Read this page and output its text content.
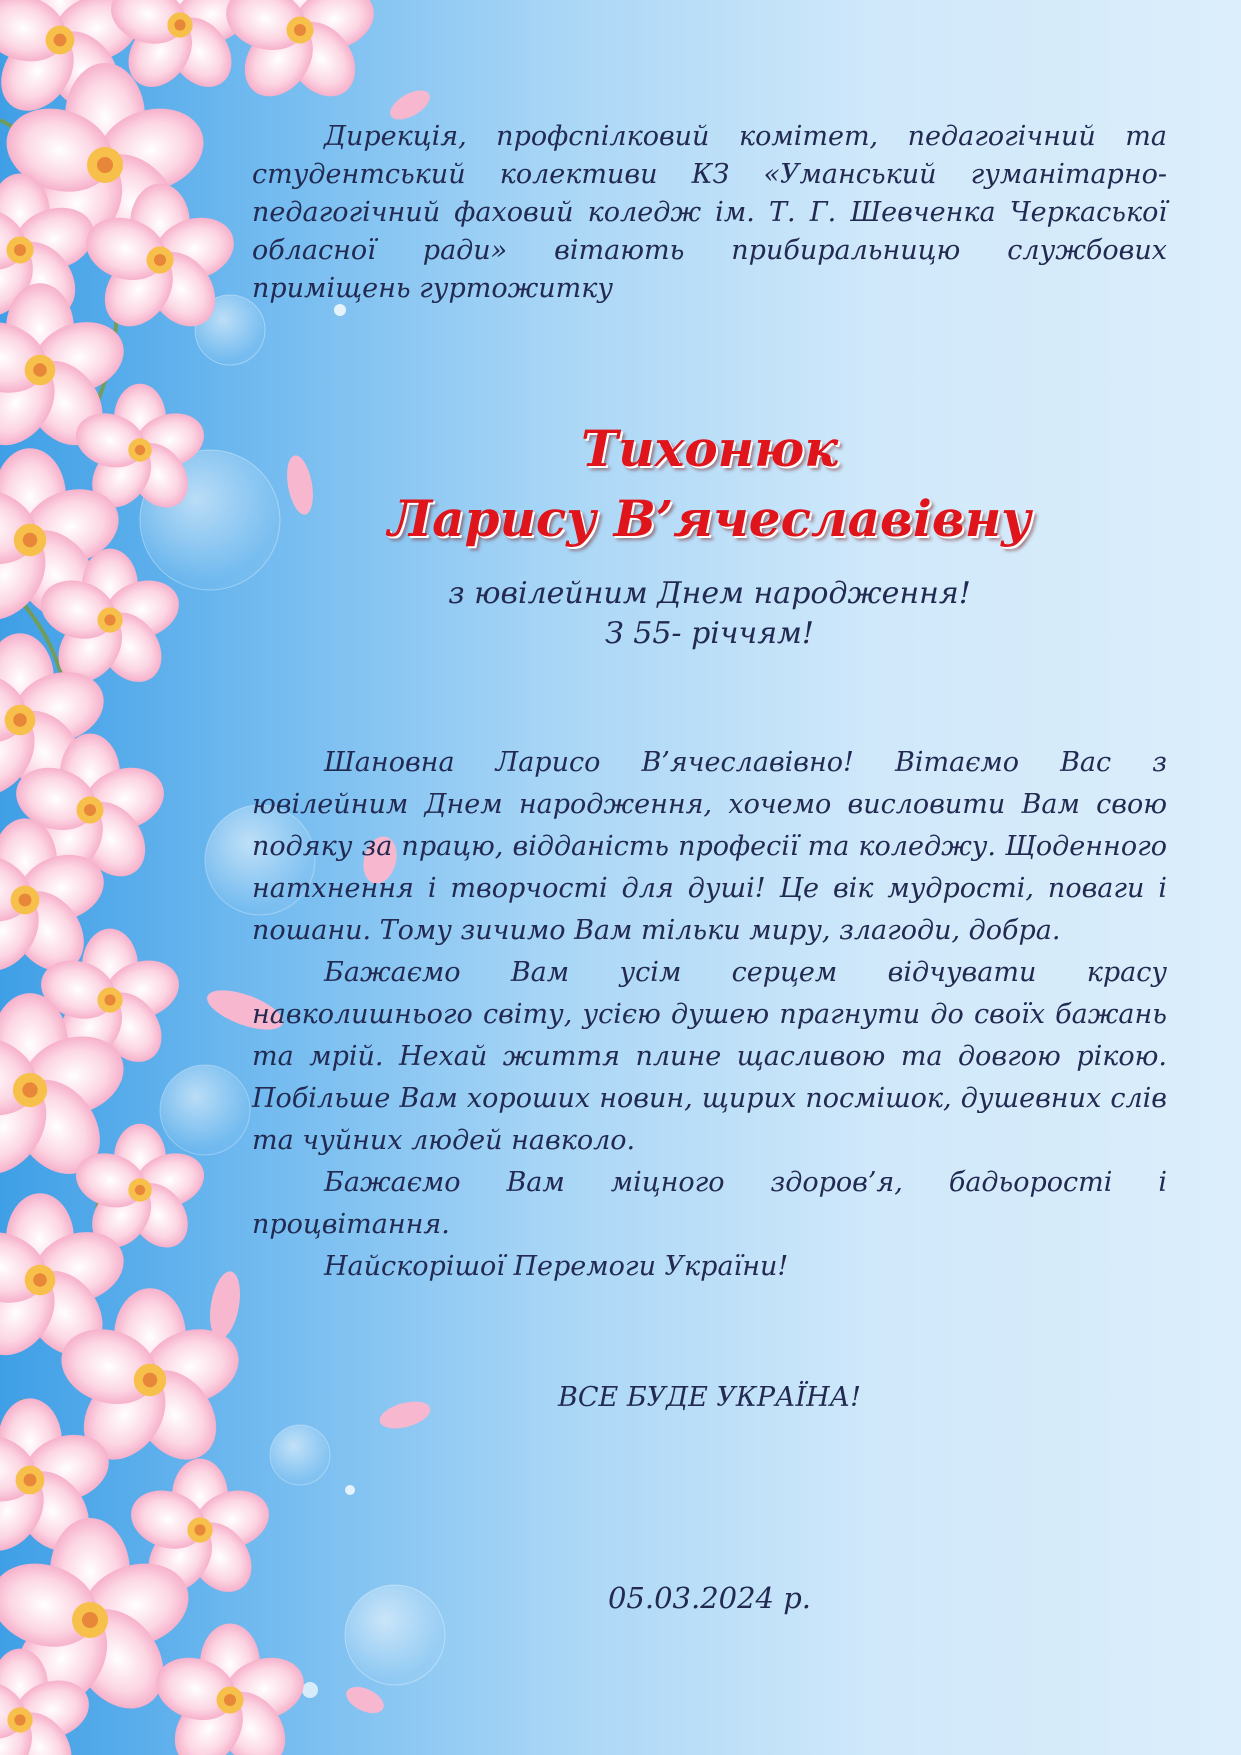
Дирекція, профспілковий комітет, педагогічний та студентський колективи КЗ «Уманський гуманітарно-педагогічний фаховий коледж ім. Т. Г. Шевченка Черкаської обласної ради» вітають прибиральницю службових приміщень гуртожитку

Тихонюк
Ларису В’ячеславівну
з ювілейним Днем народження!
З 55- річчям!

Шановна Ларисо В’ячеславівно! Вітаємо Вас з ювілейним Днем народження, хочемо висловити Вам свою подяку за працю, відданість професії та коледжу. Щоденного натхнення і творчості для душі! Це вік мудрості, поваги і пошани. Тому зичимо Вам тільки миру, злагоди, добра.

Бажаємо Вам усім серцем відчувати красу навколишнього світу, усією душею прагнути до своїх бажань та мрій. Нехай життя плине щасливою та довгою рікою. Побільше Вам хороших новин, щирих посмішок, душевних слів та чуйних людей навколо.

Бажаємо Вам міцного здоров’я, бадьорості і процвітання.

Найскорішої Перемоги України!

ВСЕ БУДЕ УКРАЇНА!
05.03.2024 р.
